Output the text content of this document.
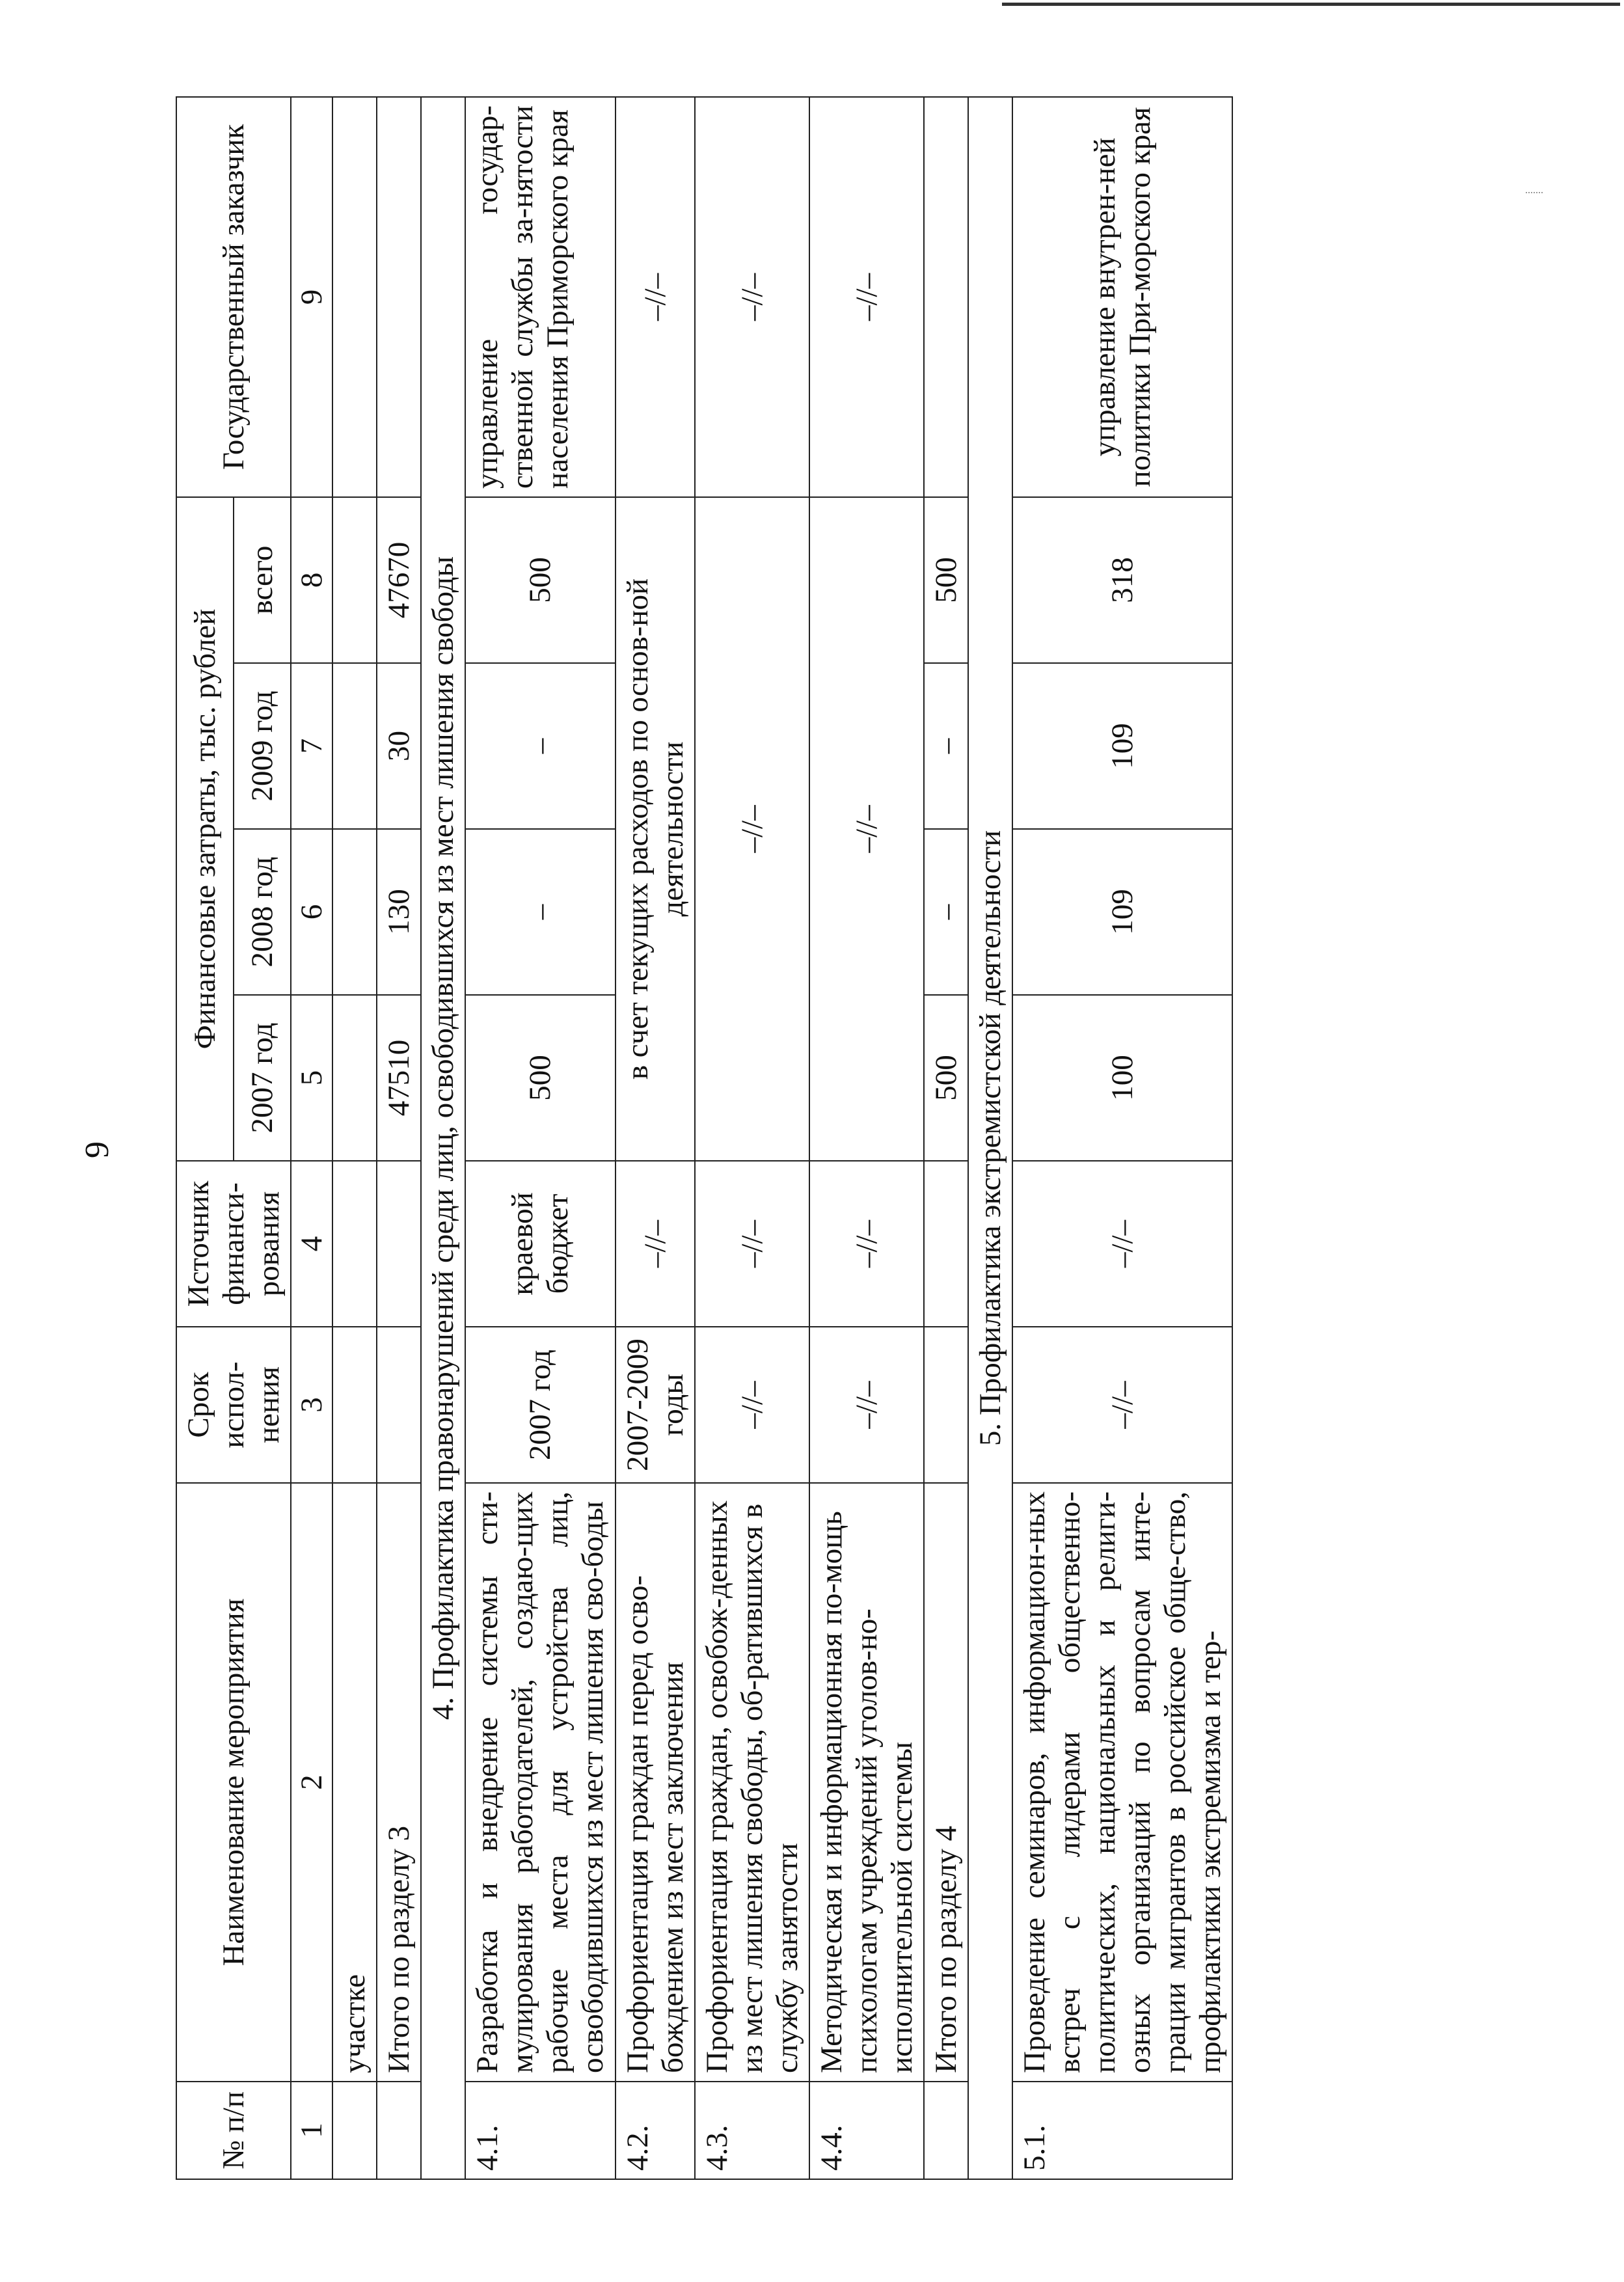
9
№ п/п	Наименование мероприятия	Срок испол-нения	Источник финанси-рования	Финансовые затраты, тыс. рублей				Государственный заказчик
				2007 год	2008 год	2009 год	всего	
1	2	3	4	5	6	7	8	9
	участке							
	Итого по разделу 3			47510	130	30	47670	
4. Профилактика правонарушений среди лиц, освободившихся из мест лишения свободы								
4.1.	Разработка и внедрение системы сти-мулирования работодателей, создаю-щих рабочие места для устройства лиц, освободившихся из мест лишения сво-боды	2007 год	краевой бюджет	500	–	–	500	управление государ-ственной службы за-нятости населения Приморского края
4.2.	Профориентация граждан перед осво-бождением из мест заключения	2007-2009 годы	–//–	в счет текущих расходов по основ-ной деятельности				–//–
4.3.	Профориентация граждан, освобож-денных из мест лишения свободы, об-ратившихся в службу занятости	–//–	–//–	–//–				–//–
4.4.	Методическая и информационная по-мощь психологам учреждений уголов-но-исполнительной системы	–//–	–//–	–//–				–//–
	Итого по разделу 4			500	–	–	500	
5. Профилактика экстремистской деятельности								
5.1.	Проведение семинаров, информацион-ных встреч с лидерами общественно-политических, национальных и религи-озных организаций по вопросам инте-грации мигрантов в российское обще-ство, профилактики экстремизма и тер-	–//–	–//–	100	109	109	318	управление внутрен-ней политики При-морского края
